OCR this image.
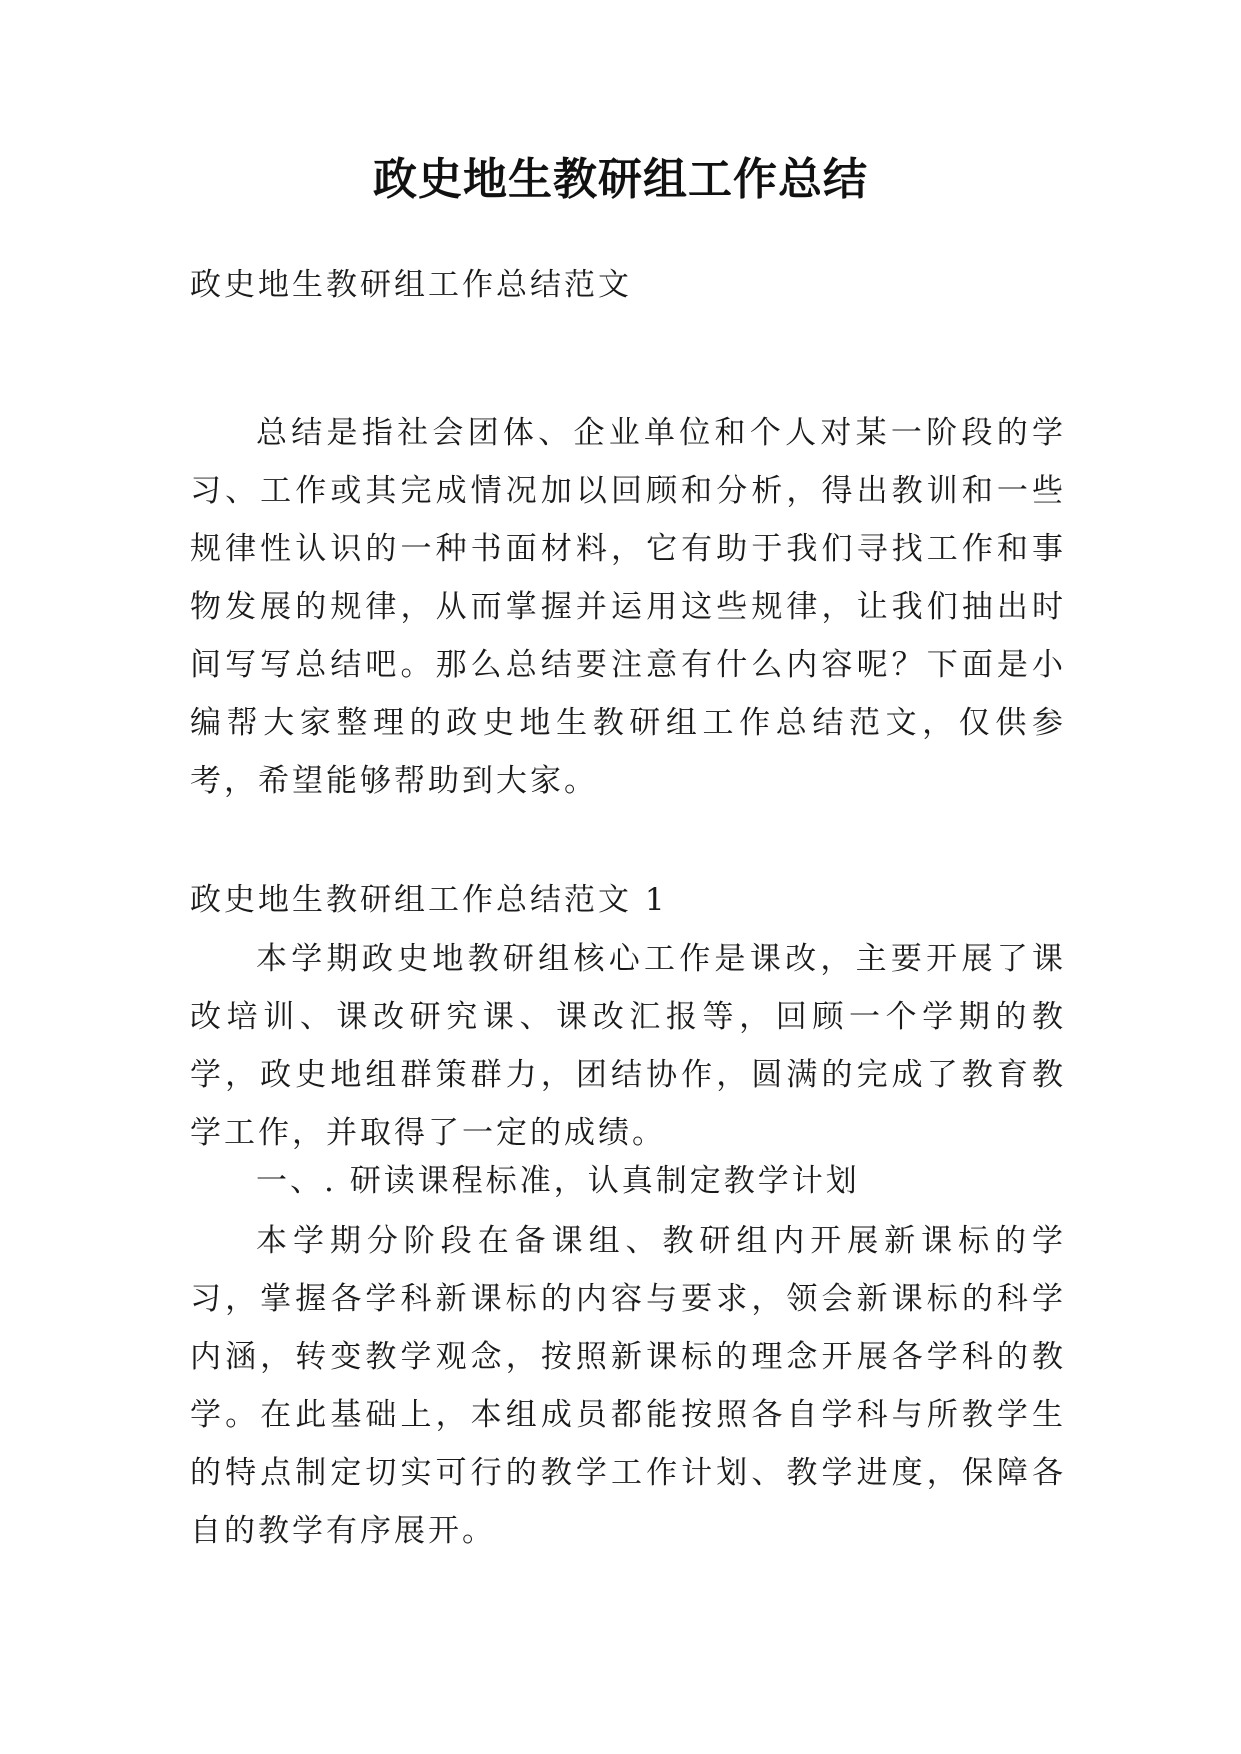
政史地生教研组工作总结

政史地生教研组工作总结范文

总结是指社会团体、企业单位和个人对某一阶段的学习、工作或其完成情况加以回顾和分析，得出教训和一些规律性认识的一种书面材料，它有助于我们寻找工作和事物发展的规律，从而掌握并运用这些规律，让我们抽出时间写写总结吧。那么总结要注意有什么内容呢？下面是小编帮大家整理的政史地生教研组工作总结范文，仅供参考，希望能够帮助到大家。

政史地生教研组工作总结范文 1

本学期政史地教研组核心工作是课改，主要开展了课改培训、课改研究课、课改汇报等，回顾一个学期的教学，政史地组群策群力，团结协作，圆满的完成了教育教学工作，并取得了一定的成绩。

一、. 研读课程标准，认真制定教学计划

本学期分阶段在备课组、教研组内开展新课标的学习，掌握各学科新课标的内容与要求，领会新课标的科学内涵，转变教学观念，按照新课标的理念开展各学科的教学。在此基础上，本组成员都能按照各自学科与所教学生的特点制定切实可行的教学工作计划、教学进度，保障各自的教学有序展开。
